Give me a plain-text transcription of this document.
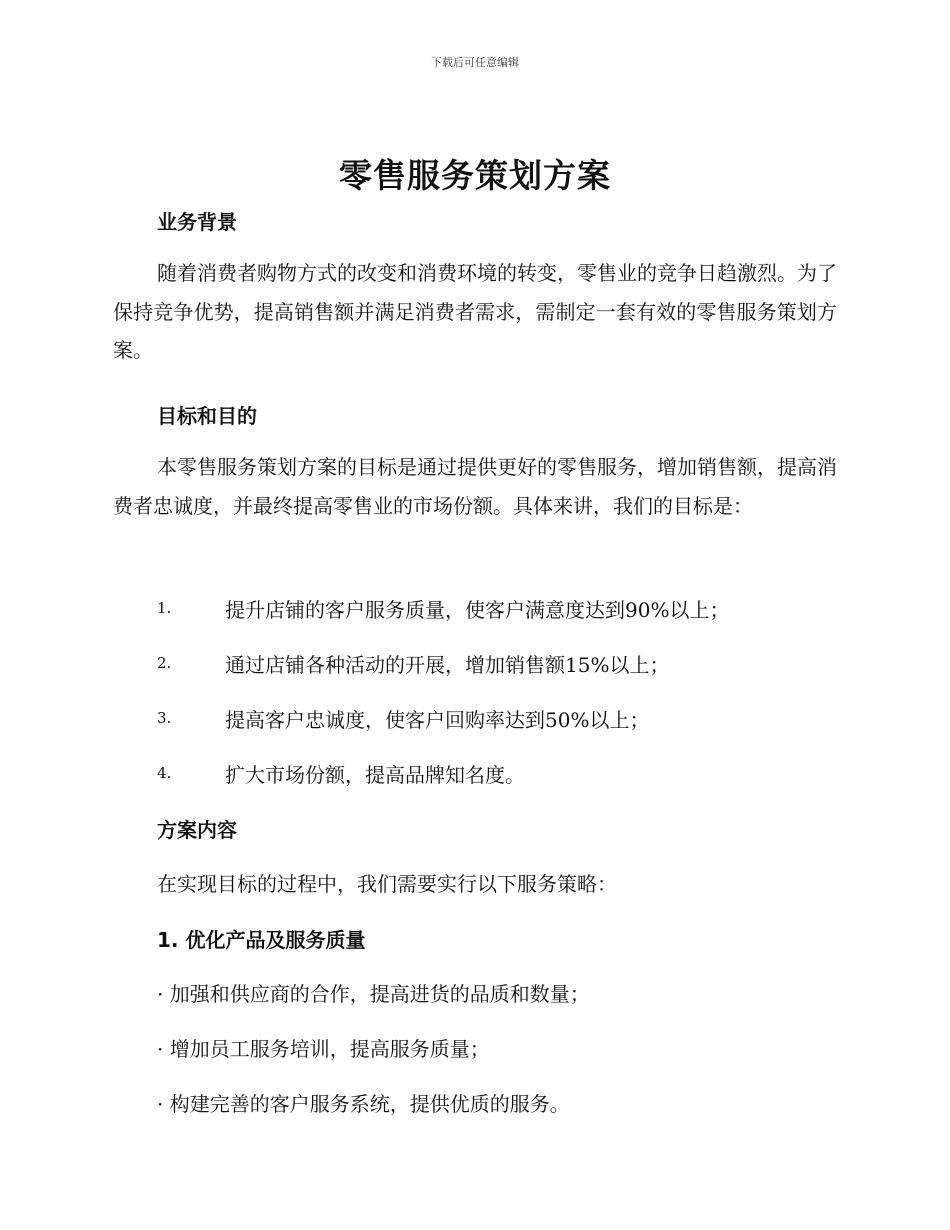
下载后可任意编辑
零售服务策划方案
业务背景

随着消费者购物方式的改变和消费环境的转变，零售业的竞争日趋激烈。为了保持竞争优势，提高销售额并满足消费者需求，需制定一套有效的零售服务策划方案。

目标和目的

本零售服务策划方案的目标是通过提供更好的零售服务，增加销售额，提高消费者忠诚度，并最终提高零售业的市场份额。具体来讲，我们的目标是：

1.	提升店铺的客户服务质量，使客户满意度达到90%以上；
2.	通过店铺各种活动的开展，增加销售额15%以上；
3.	提高客户忠诚度，使客户回购率达到50%以上；
4.	扩大市场份额，提高品牌知名度。
方案内容

在实现目标的过程中，我们需要实行以下服务策略：

1. 优化产品及服务质量

· 加强和供应商的合作，提高进货的品质和数量；

· 增加员工服务培训，提高服务质量；

· 构建完善的客户服务系统，提供优质的服务。
